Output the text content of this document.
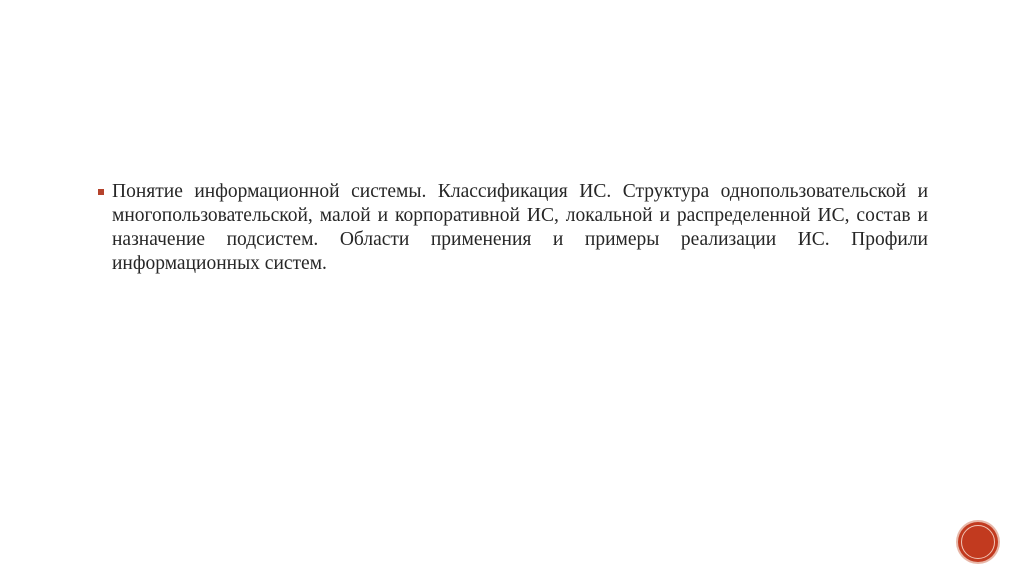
Понятие информационной системы. Классификация ИС. Структура однопользовательской и многопользовательской, малой и корпоративной ИС, локальной и распределенной ИС, состав и назначение подсистем. Области применения и примеры реализации ИС. Профили информационных систем.
